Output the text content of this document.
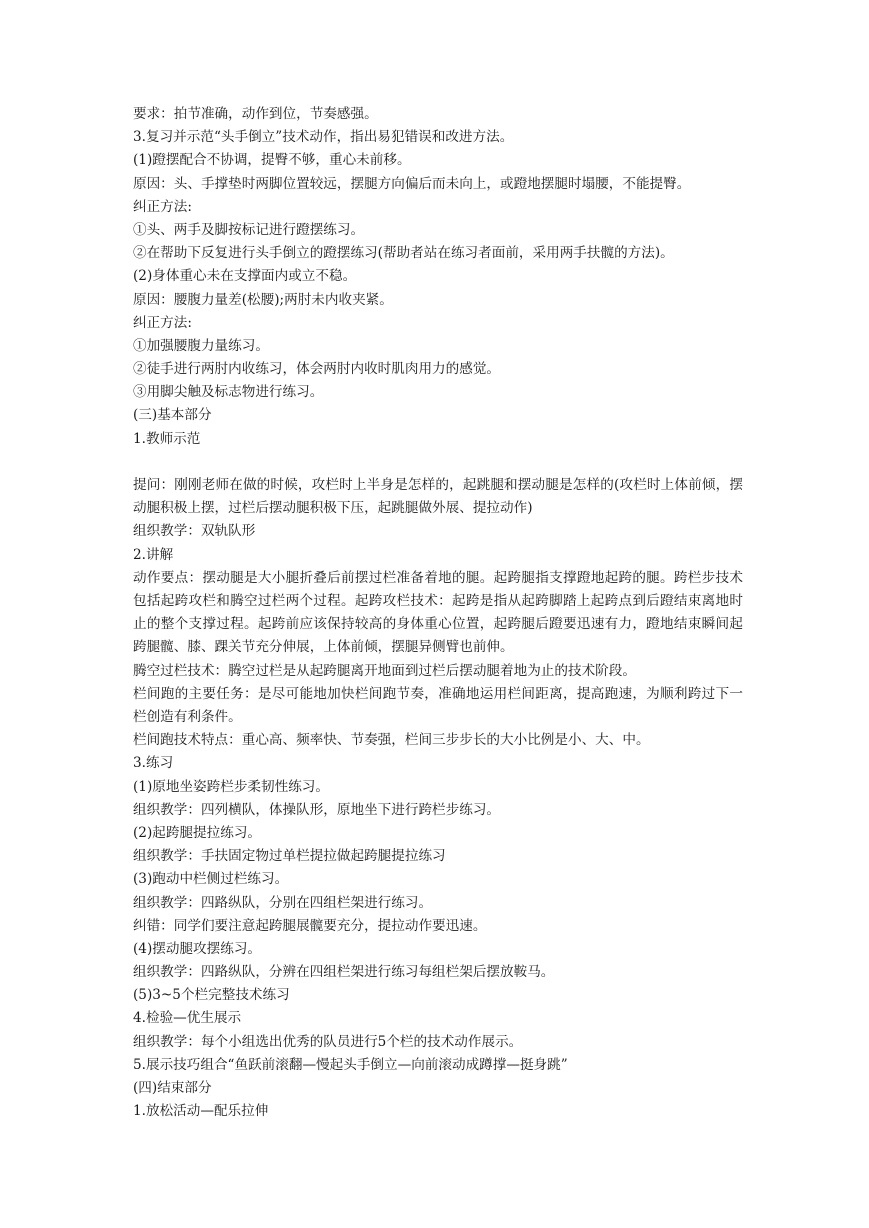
要求：拍节准确，动作到位，节奏感强。
3.复习并示范“头手倒立”技术动作，指出易犯错误和改进方法。
(1)蹬摆配合不协调，提臀不够，重心未前移。
原因：头、手撑垫时两脚位置较远，摆腿方向偏后而未向上，或蹬地摆腿时塌腰，不能提臀。
纠正方法:
①头、两手及脚按标记进行蹬摆练习。
②在帮助下反复进行头手倒立的蹬摆练习(帮助者站在练习者面前，采用两手扶髋的方法)。
(2)身体重心未在支撑面内或立不稳。
原因：腰腹力量差(松腰);两肘未内收夹紧。
纠正方法:
①加强腰腹力量练习。
②徒手进行两肘内收练习，体会两肘内收时肌肉用力的感觉。
③用脚尖触及标志物进行练习。
(三)基本部分
1.教师示范
提问：刚刚老师在做的时候，攻栏时上半身是怎样的，起跳腿和摆动腿是怎样的(攻栏时上体前倾，摆动腿积极上摆，过栏后摆动腿积极下压，起跳腿做外展、提拉动作)
组织教学：双轨队形
2.讲解
动作要点：摆动腿是大小腿折叠后前摆过栏准备着地的腿。起跨腿指支撑蹬地起跨的腿。跨栏步技术包括起跨攻栏和腾空过栏两个过程。起跨攻栏技术：起跨是指从起跨脚踏上起跨点到后蹬结束离地时止的整个支撑过程。起跨前应该保持较高的身体重心位置，起跨腿后蹬要迅速有力，蹬地结束瞬间起跨腿髋、膝、踝关节充分伸展，上体前倾，摆腿异侧臂也前伸。
腾空过栏技术：腾空过栏是从起跨腿离开地面到过栏后摆动腿着地为止的技术阶段。
栏间跑的主要任务：是尽可能地加快栏间跑节奏，准确地运用栏间距离，提高跑速，为顺利跨过下一栏创造有利条件。
栏间跑技术特点：重心高、频率快、节奏强，栏间三步步长的大小比例是小、大、中。
3.练习
(1)原地坐姿跨栏步柔韧性练习。
组织教学：四列横队，体操队形，原地坐下进行跨栏步练习。
(2)起跨腿提拉练习。
组织教学：手扶固定物过单栏提拉做起跨腿提拉练习
(3)跑动中栏侧过栏练习。
组织教学：四路纵队，分别在四组栏架进行练习。
纠错：同学们要注意起跨腿展髋要充分，提拉动作要迅速。
(4)摆动腿攻摆练习。
组织教学：四路纵队，分辨在四组栏架进行练习每组栏架后摆放鞍马。
(5)3~5个栏完整技术练习
4.检验—优生展示
组织教学：每个小组选出优秀的队员进行5个栏的技术动作展示。
5.展示技巧组合“鱼跃前滚翻—慢起头手倒立—向前滚动成蹲撑—挺身跳”
(四)结束部分
1.放松活动—配乐拉伸
